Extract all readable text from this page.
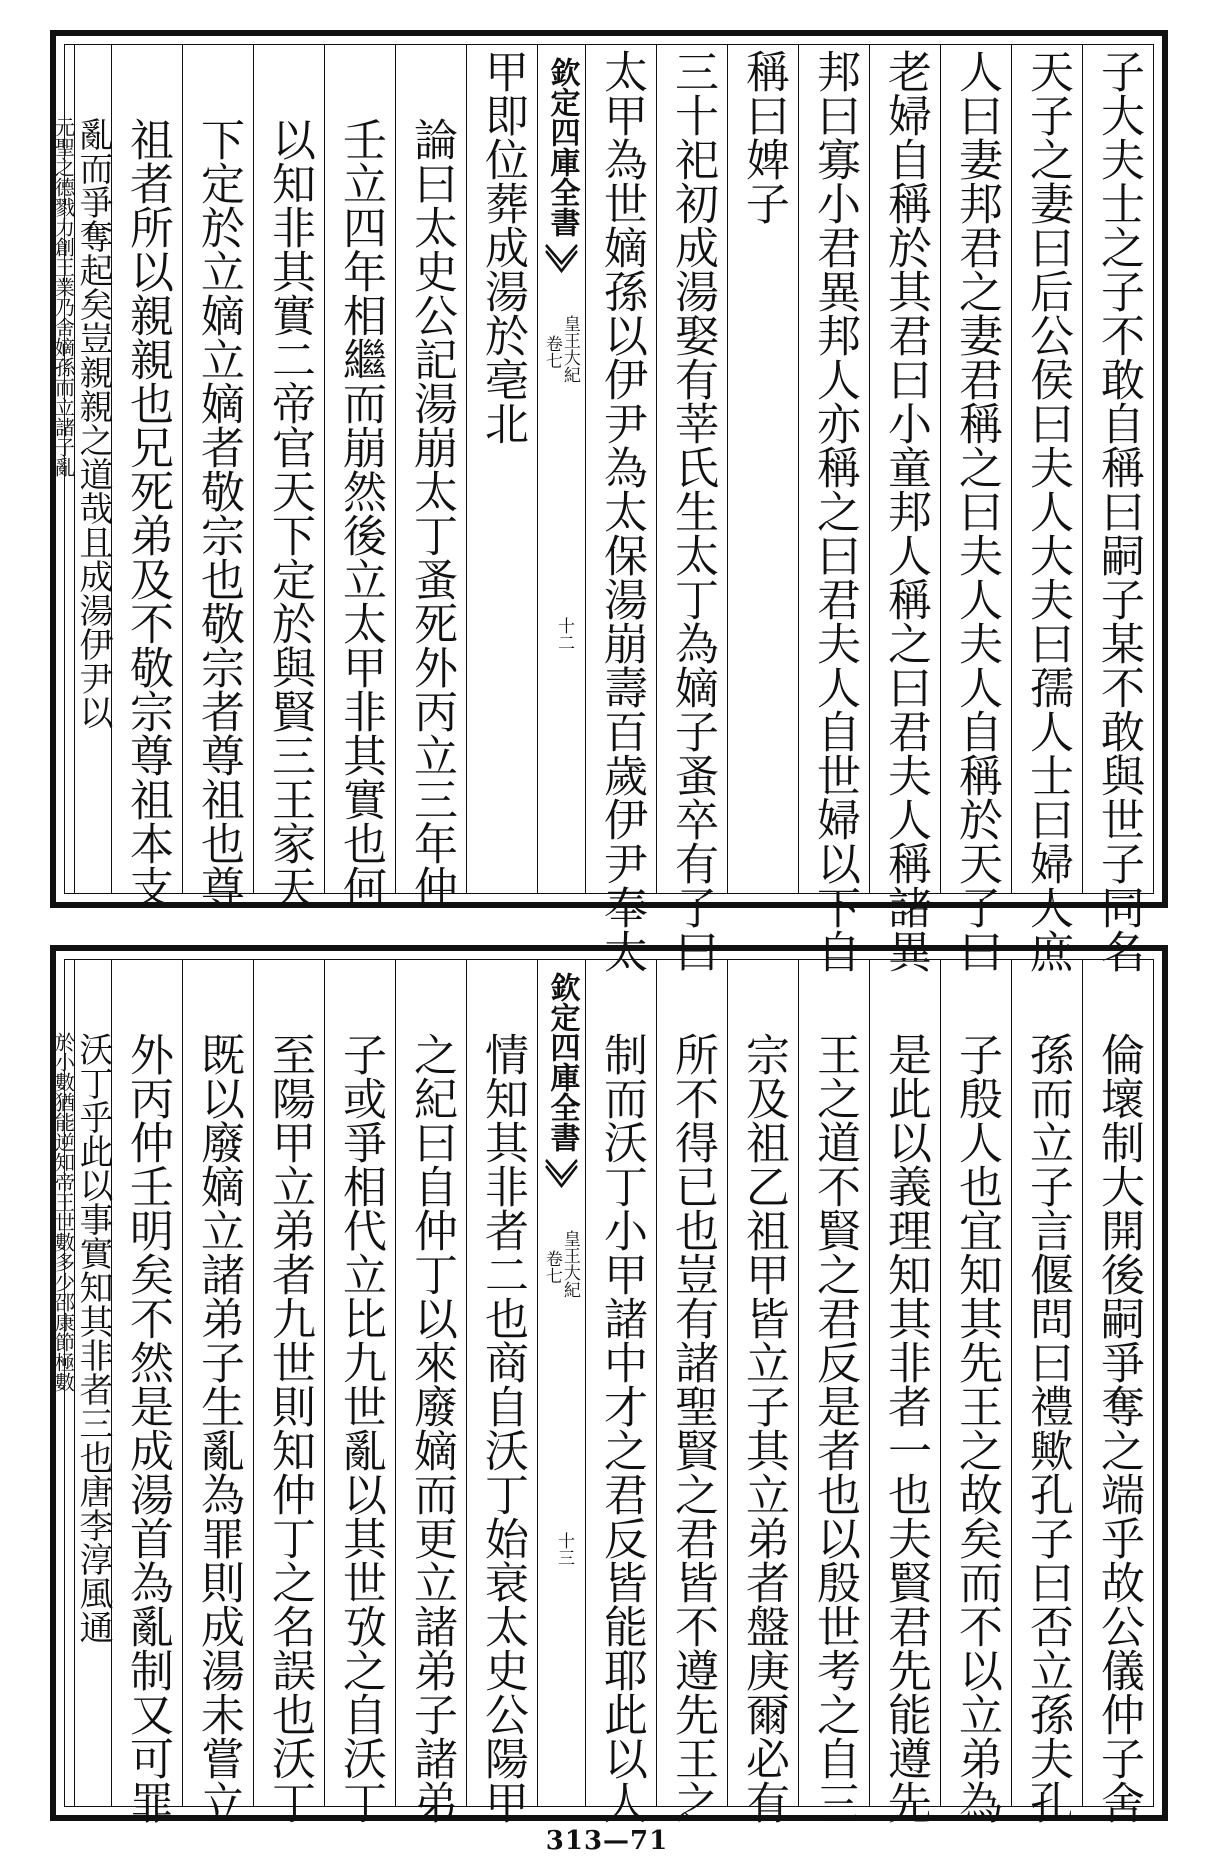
子大夫士之子不敢自稱曰嗣子某不敢與世子同名
天子之妻曰后公侯曰夫人大夫曰孺人士曰婦人庶
人曰妻邦君之妻君稱之曰夫人夫人自稱於天子曰
老婦自稱於其君曰小童邦人稱之曰君夫人稱諸異
邦曰寡小君異邦人亦稱之曰君夫人自世婦以下自
稱曰婢子
三十祀初成湯娶有莘氏生太丁為嫡子蚤卒有子曰
太甲為世嫡孫以伊尹為太保湯崩壽百歲伊尹奉太
欽定四庫全書
皇王大紀
卷七
十二
甲即位葬成湯於亳北
論曰太史公記湯崩太丁蚤死外丙立三年仲
壬立四年相繼而崩然後立太甲非其實也何
以知非其實二帝官天下定於與賢三王家天
下定於立嫡立嫡者敬宗也敬宗者尊祖也尊
祖者所以親親也兄死弟及不敬宗尊祖本支
亂而爭奪起矣豈親親之道哉且成湯伊尹以
元聖之德戮力創王業乃舍嫡孫而立諸子亂
倫壞制大開後嗣爭奪之端乎故公儀仲子舍
孫而立子言偃問曰禮歟孔子曰否立孫夫孔
子殷人也宜知其先王之故矣而不以立弟為
是此以義理知其非者一也夫賢君先能遵先
王之道不賢之君反是者也以殷世考之自三
宗及祖乙祖甲皆立子其立弟者盤庚爾必有
所不得已也豈有諸聖賢之君皆不遵先王之
制而沃丁小甲諸中才之君反皆能耶此以人
欽定四庫全書
皇王大紀
卷七
十三
情知其非者二也商自沃丁始衰太史公陽甲
之紀曰自仲丁以來廢嫡而更立諸弟子諸弟
子或爭相代立比九世亂以其世攷之自沃丁
至陽甲立弟者九世則知仲丁之名誤也沃丁
既以廢嫡立諸弟子生亂為罪則成湯未嘗立
外丙仲壬明矣不然是成湯首為亂制又可罪
沃丁乎此以事實知其非者三也唐李淳風通
於小數猶能逆知帝王世數多少邵康節極數
313—71
